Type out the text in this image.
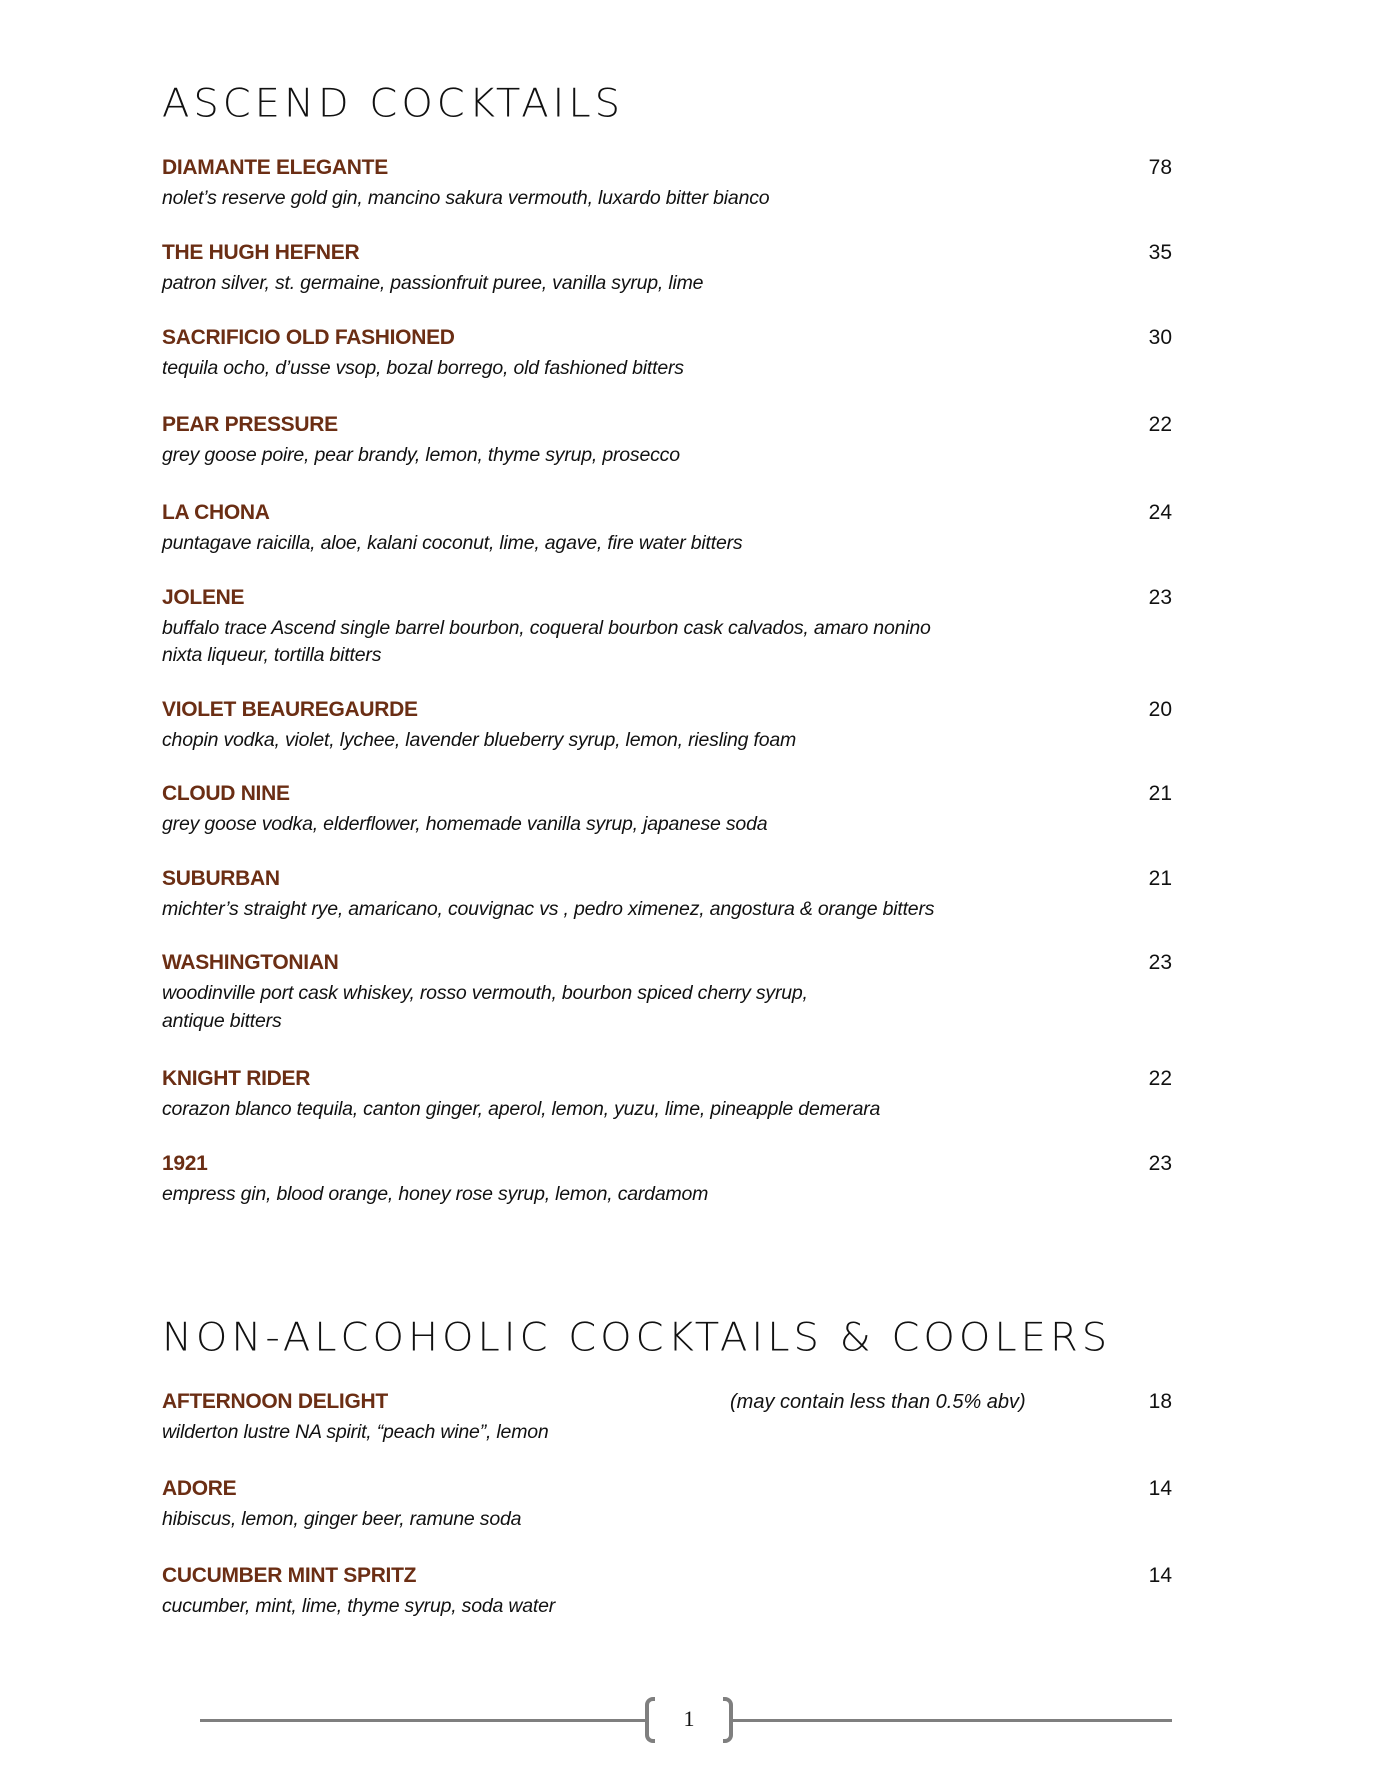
ASCEND COCKTAILS
DIAMANTE ELEGANTE	78
nolet’s reserve gold gin, mancino sakura vermouth, luxardo bitter bianco
THE HUGH HEFNER	35
patron silver, st. germaine, passionfruit puree, vanilla syrup, lime
SACRIFICIO OLD FASHIONED	30
tequila ocho, d’usse vsop, bozal borrego, old fashioned bitters
PEAR PRESSURE	22
grey goose poire, pear brandy, lemon, thyme syrup, prosecco
LA CHONA	24
puntagave raicilla, aloe, kalani coconut, lime, agave, fire water bitters
JOLENE	23
buffalo trace Ascend single barrel bourbon, coqueral bourbon cask calvados, amaro nonino
nixta liqueur, tortilla bitters
VIOLET BEAUREGAURDE	20
chopin vodka, violet, lychee, lavender blueberry syrup, lemon, riesling foam
CLOUD NINE	21
grey goose vodka, elderflower, homemade vanilla syrup, japanese soda
SUBURBAN	21
michter’s straight rye, amaricano, couvignac vs , pedro ximenez, angostura & orange bitters
WASHINGTONIAN	23
woodinville port cask whiskey, rosso vermouth, bourbon spiced cherry syrup,
antique bitters
KNIGHT RIDER	22
corazon blanco tequila, canton ginger, aperol, lemon, yuzu, lime, pineapple demerara
1921	23
empress gin, blood orange, honey rose syrup, lemon, cardamom
NON-ALCOHOLIC COCKTAILS & COOLERS
AFTERNOON DELIGHT	(may contain less than 0.5% abv)	18
wilderton lustre NA spirit, “peach wine”, lemon
ADORE	14
hibiscus, lemon, ginger beer, ramune soda
CUCUMBER MINT SPRITZ	14
cucumber, mint, lime, thyme syrup, soda water
1
